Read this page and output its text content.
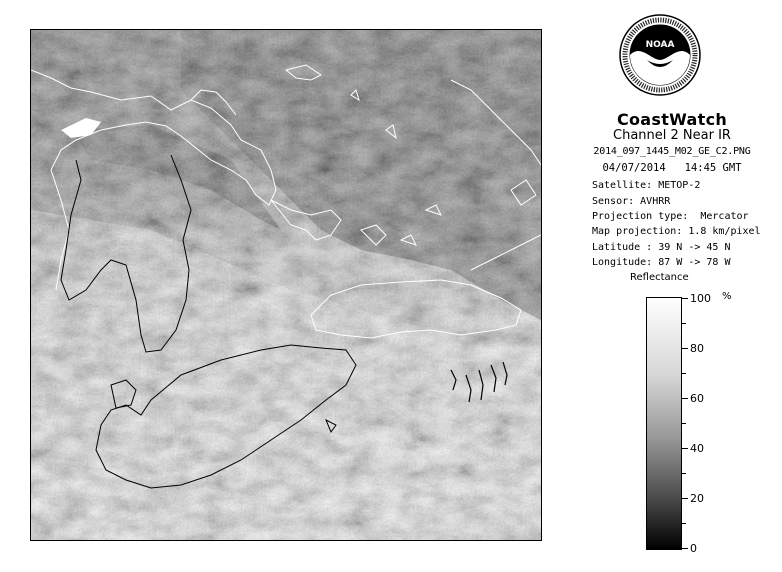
NOAA
CoastWatch
Channel 2 Near IR
2014_097_1445_M02_GE_C2.PNG
04/07/2014   14:45 GMT
Satellite: METOP-2
Sensor: AVHRR
Projection type:  Mercator
Map projection: 1.8 km/pixel
Latitude : 39 N -> 45 N
Longitude: 87 W -> 78 W
Reflectance
%
100
80
60
40
20
0
